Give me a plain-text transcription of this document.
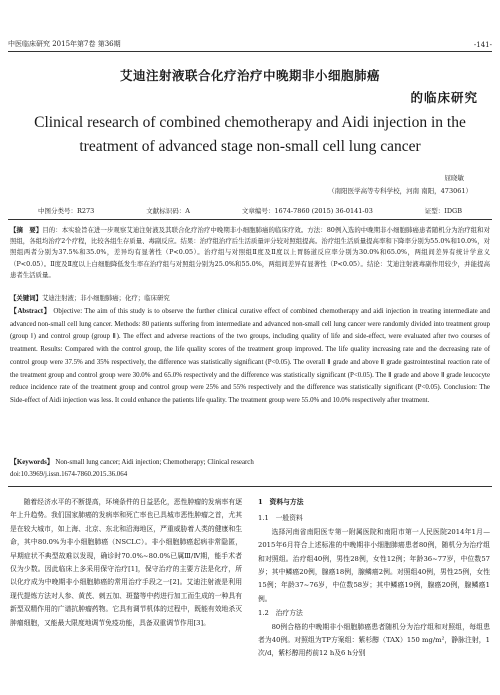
中医临床研究 2015年第7卷 第36期	-141-
艾迪注射液联合化疗治疗中晚期非小细胞肺癌
的临床研究
Clinical research of combined chemotherapy and Aidi injection in the
treatment of advanced stage non-small cell lung cancer
屈晓敏
（南阳医学高等专科学校，河南 南阳，473061）
中图分类号：R273	文献标识码：A	文章编号：1674-7860 (2015) 36-0141-03	证型：IDGB
【摘　要】目的：本实验旨在进一步观察艾迪注射液及其联合化疗治疗中晚期非小细胞肺癌的临床疗效。方法：80例入选的中晚期非小细胞肺癌患者随机分为治疗组和对照组，各组均治疗2个疗程，比较各组生存质量、毒副反应。结果：治疗组治疗后生活质量评分较对照组提高。治疗组生活质量提高率和下降率分别为55.0%和10.0%，对照组两者分别为37.5%和35.0%，差异均有显著性（P<0.05）。治疗组与对照组Ⅱ度及Ⅱ度以上胃肠道反应率分别为30.0%和65.0%，两组间差异有统计学意义（P<0.05）。Ⅱ度及Ⅱ度以上白细胞降低发生率在治疗组与对照组分别为25.0%和55.0%，两组间差异有显著性（P<0.05）。结论：艾迪注射液毒副作用较少，并能提高患者生活质量。
【关键词】艾迪注射液；非小细胞肺癌；化疗；临床研究
【Abstract】 Objective: The aim of this study is to observe the further clinical curative effect of combined chemotherapy and aidi injection in treating intermediate and advanced non-small cell lung cancer. Methods: 80 patients suffering from intermediate and advanced non-small cell lung cancer were randomly divided into treatment group (group Ⅰ) and control group (group Ⅱ). The effect and adverse reactions of the two groups, including quality of life and side-effect, were evaluated after two courses of treatment. Results: Compared with the control group, the life quality scores of the treatment group improved. The life quality increasing rate and the decreasing rate of control group were 37.5% and 35% respectively, the difference was statistically significant (P<0.05). The overall Ⅱ grade and above Ⅱ grade gastrointestinal reaction rate of the treatment group and control group were 30.0% and 65.0% respectively and the difference was statistically significant (P<0.05). The Ⅱ grade and above Ⅱ grade leucocyte reduce incidence rate of the treatment group and control group were 25% and 55% respectively and the difference was statistically significant (P<0.05). Conclusion: The Side-effect of Aidi injection was less. It could enhance the patients life quality. The treatment group were 55.0% and 10.0% respectively after treatment.
【Keywords】 Non-small lung cancer; Aidi injection; Chemotherapy; Clinical research
doi:10.3969/j.issn.1674-7860.2015.36.064

随着经济水平的不断提高，环境条件的日益恶化，恶性肿瘤的发病率有逐年上升趋势。我们国家肺癌的发病率和死亡率也已具城市恶性肿瘤之首，尤其是在较大城市，如上海、北京、东北和沿海地区，严重威胁着人类的健康和生命，其中80.0%为非小细胞肺癌（NSCLC）。非小细胞肺癌起病非常隐匿，早期症状不典型故难以发现，确诊时70.0%~80.0%已属Ⅲ/Ⅳ期，能手术者仅为少数。因此临床上多采用保守治疗[1]，保守治疗的主要方法是化疗，所以化疗成为中晚期非小细胞肺癌的常用治疗手段之一[2]。艾迪注射液是利用现代提炼方法对人参、黄芪、刺五加、斑蝥等中药进行加工而生成的一种具有新型双精作用的广谱抗肿瘤药物。它具有调节机体的过程中，既能有效地杀灭肿瘤细胞，又能最大限度地调节免疫功能，具备双重调节作用[3]。

1　资料与方法
1.1　一般资料

选择河南省南阳医专第一附属医院和南阳市第一人民医院2014年1月—2015年6月符合上述标准的中晚期非小细胞肺癌患者80例，随机分为治疗组和对照组。治疗组40例，男性28例，女性12例；年龄36~77岁，中位数57岁；其中鳞癌20例，腺癌18例，腺鳞癌2例。对照组40例，男性25例，女性15例；年龄37~76岁，中位数58岁；其中鳞癌19例，腺癌20例，腺鳞癌1例。

1.2　治疗方法

80例合格的中晚期非小细胞肺癌患者随机分为治疗组和对照组，每组患者为40例。对照组为TP方案组：紫杉醇（TAX）150 mg/m²，静脉注射，1次/d，紫杉醇用药前12 h及6 h分别
